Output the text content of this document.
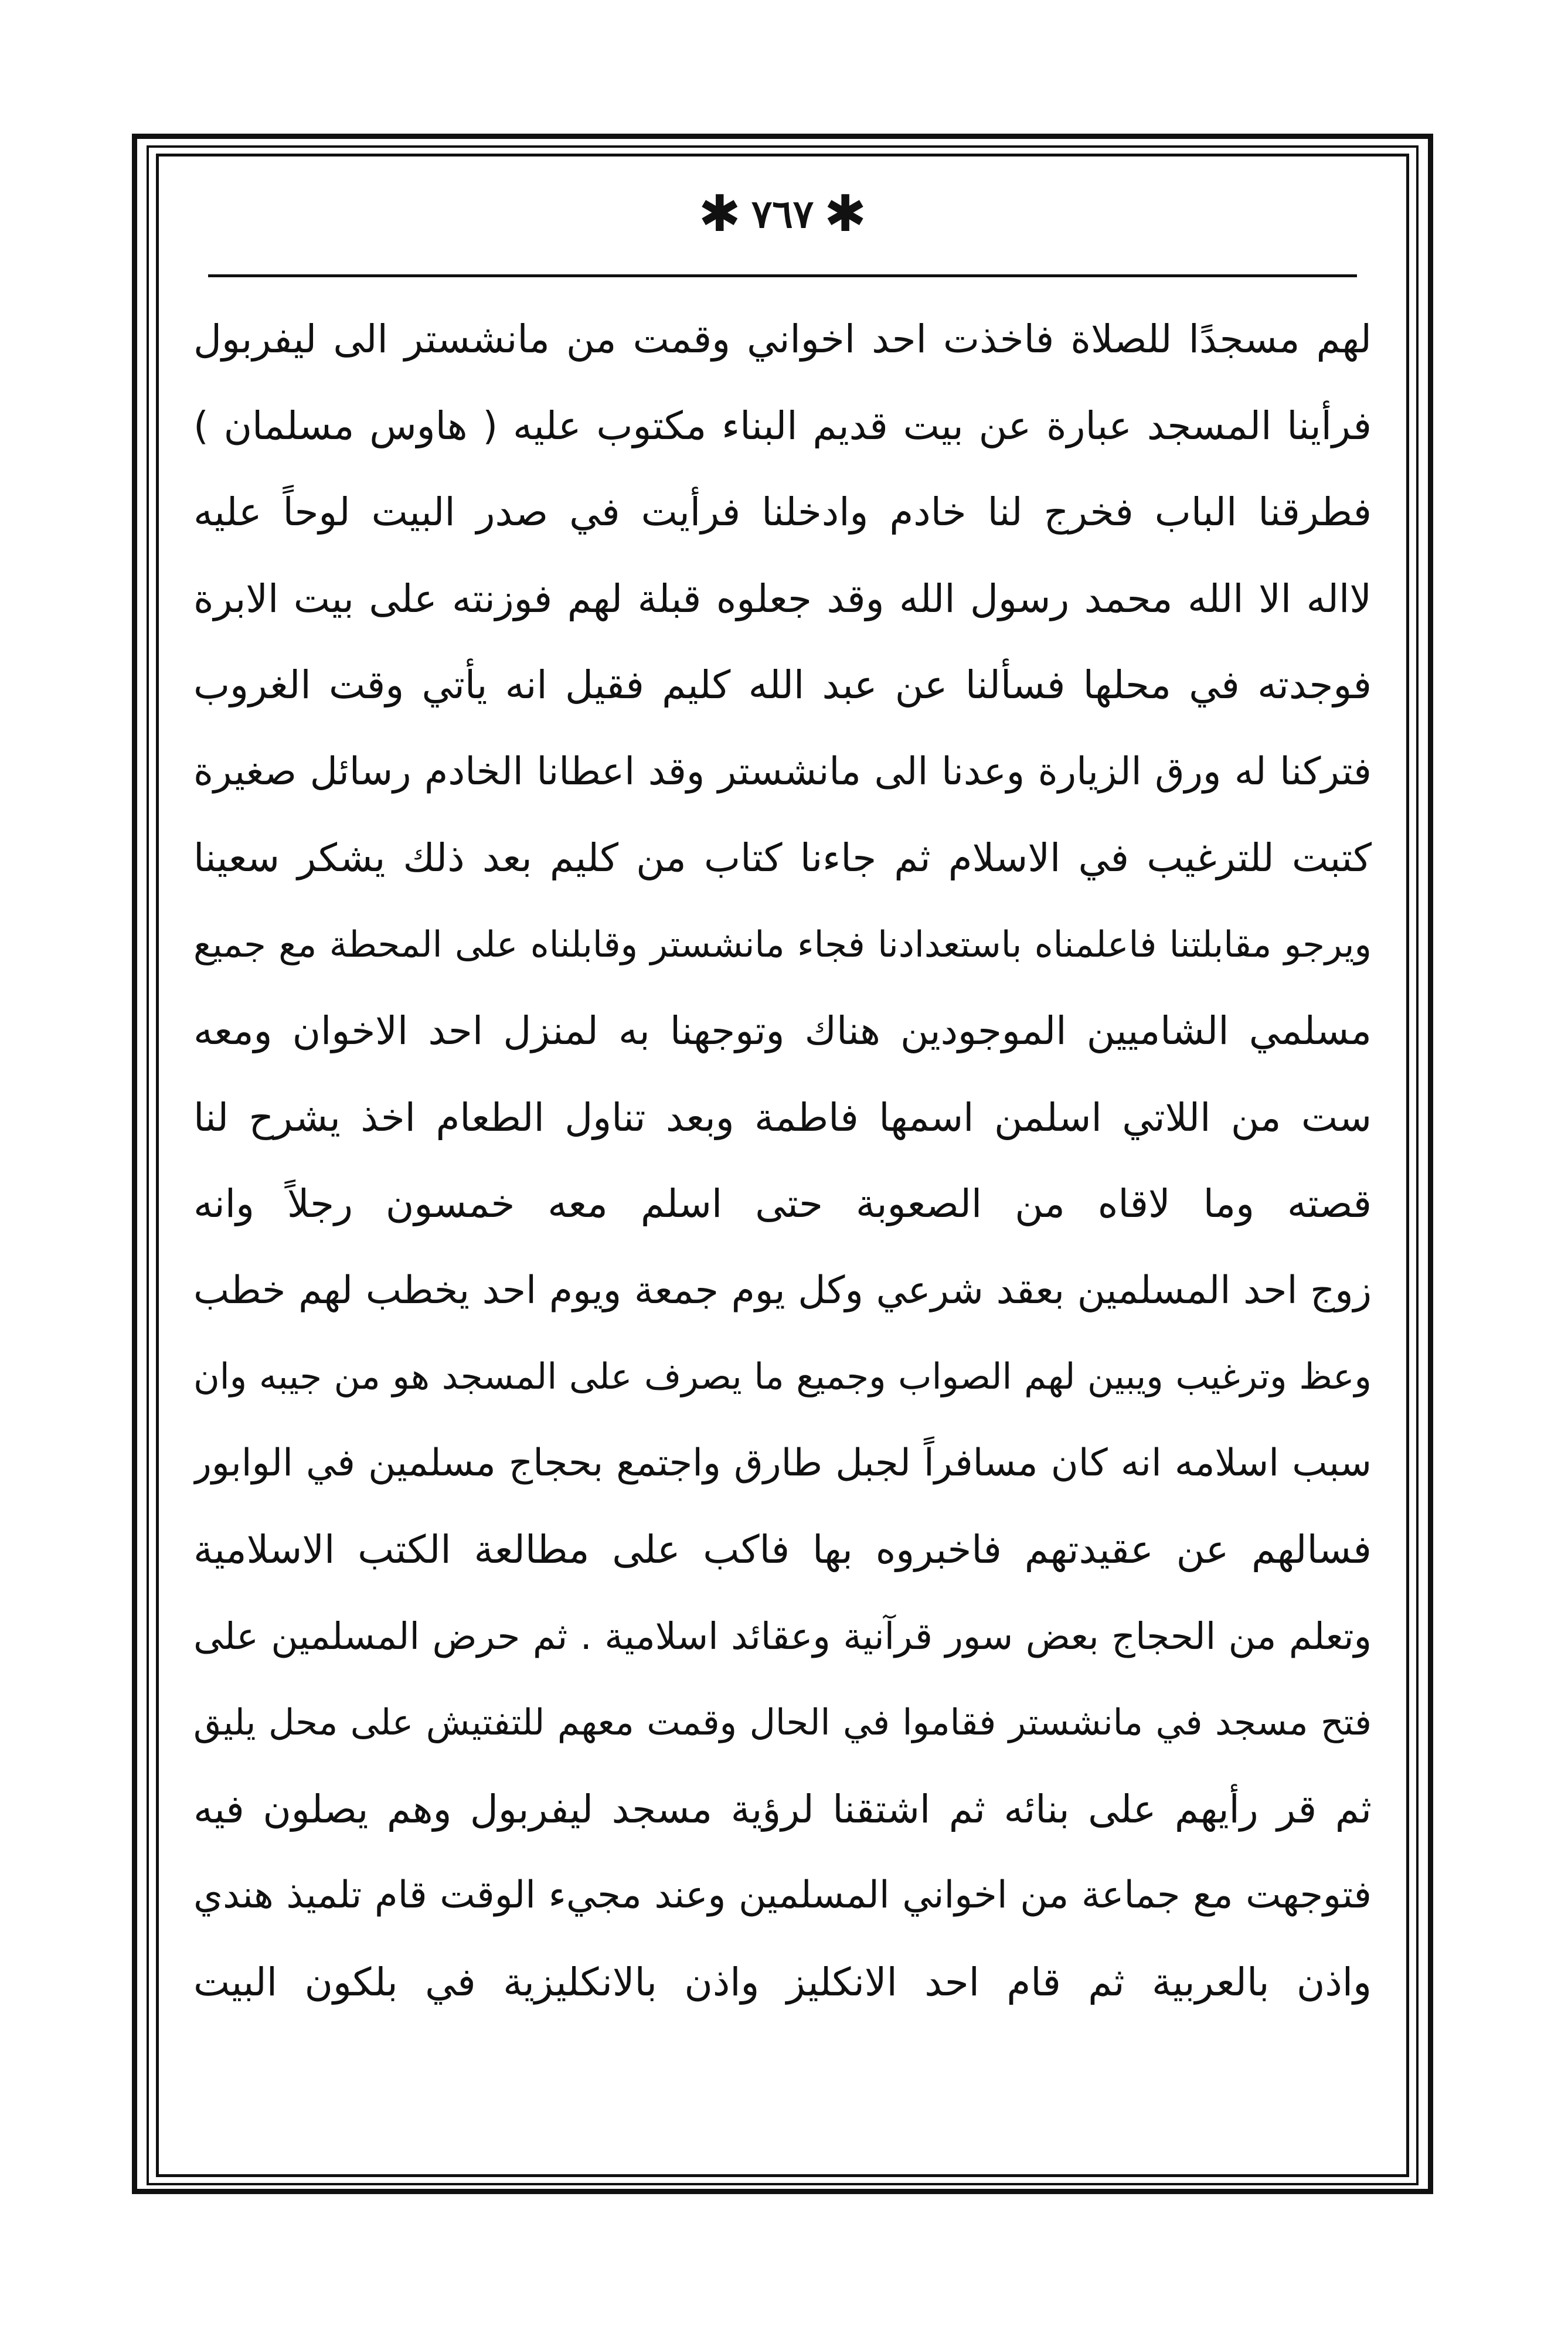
✱ ٧٦٧ ✱
لهم مسجدًا للصلاة فاخذت احد اخواني وقمت من مانشستر الى ليفربول
فرأينا المسجد عبارة عن بيت قديم البناء مكتوب عليه ( هاوس مسلمان )
فطرقنا الباب فخرج لنا خادم وادخلنا فرأيت في صدر البيت لوحاً عليه
لااله الا الله محمد رسول الله وقد جعلوه قبلة لهم فوزنته على بيت الابرة
فوجدته في محلها فسألنا عن عبد الله كليم فقيل انه يأتي وقت الغروب
فتركنا له ورق الزيارة وعدنا الى مانشستر وقد اعطانا الخادم رسائل صغيرة
كتبت للترغيب في الاسلام ثم جاءنا كتاب من كليم بعد ذلك يشكر سعينا
ويرجو مقابلتنا فاعلمناه باستعدادنا فجاء مانشستر وقابلناه على المحطة مع جميع
مسلمي الشاميين الموجودين هناك وتوجهنا به لمنزل احد الاخوان ومعه
ست من اللاتي اسلمن اسمها فاطمة وبعد تناول الطعام اخذ يشرح لنا
قصته وما لاقاه من الصعوبة حتى اسلم معه خمسون رجلاً وانه
زوج احد المسلمين بعقد شرعي وكل يوم جمعة ويوم احد يخطب لهم خطب
وعظ وترغيب ويبين لهم الصواب وجميع ما يصرف على المسجد هو من جيبه وان
سبب اسلامه انه كان مسافراً لجبل طارق واجتمع بحجاج مسلمين في الوابور
فسالهم عن عقيدتهم فاخبروه بها فاكب على مطالعة الكتب الاسلامية
وتعلم من الحجاج بعض سور قرآنية وعقائد اسلامية . ثم حرض المسلمين على
فتح مسجد في مانشستر فقاموا في الحال وقمت معهم للتفتيش على محل يليق
ثم قر رأيهم على بنائه ثم اشتقنا لرؤية مسجد ليفربول وهم يصلون فيه
فتوجهت مع جماعة من اخواني المسلمين وعند مجيء الوقت قام تلميذ هندي
واذن بالعربية ثم قام احد الانكليز واذن بالانكليزية في بلكون البيت
